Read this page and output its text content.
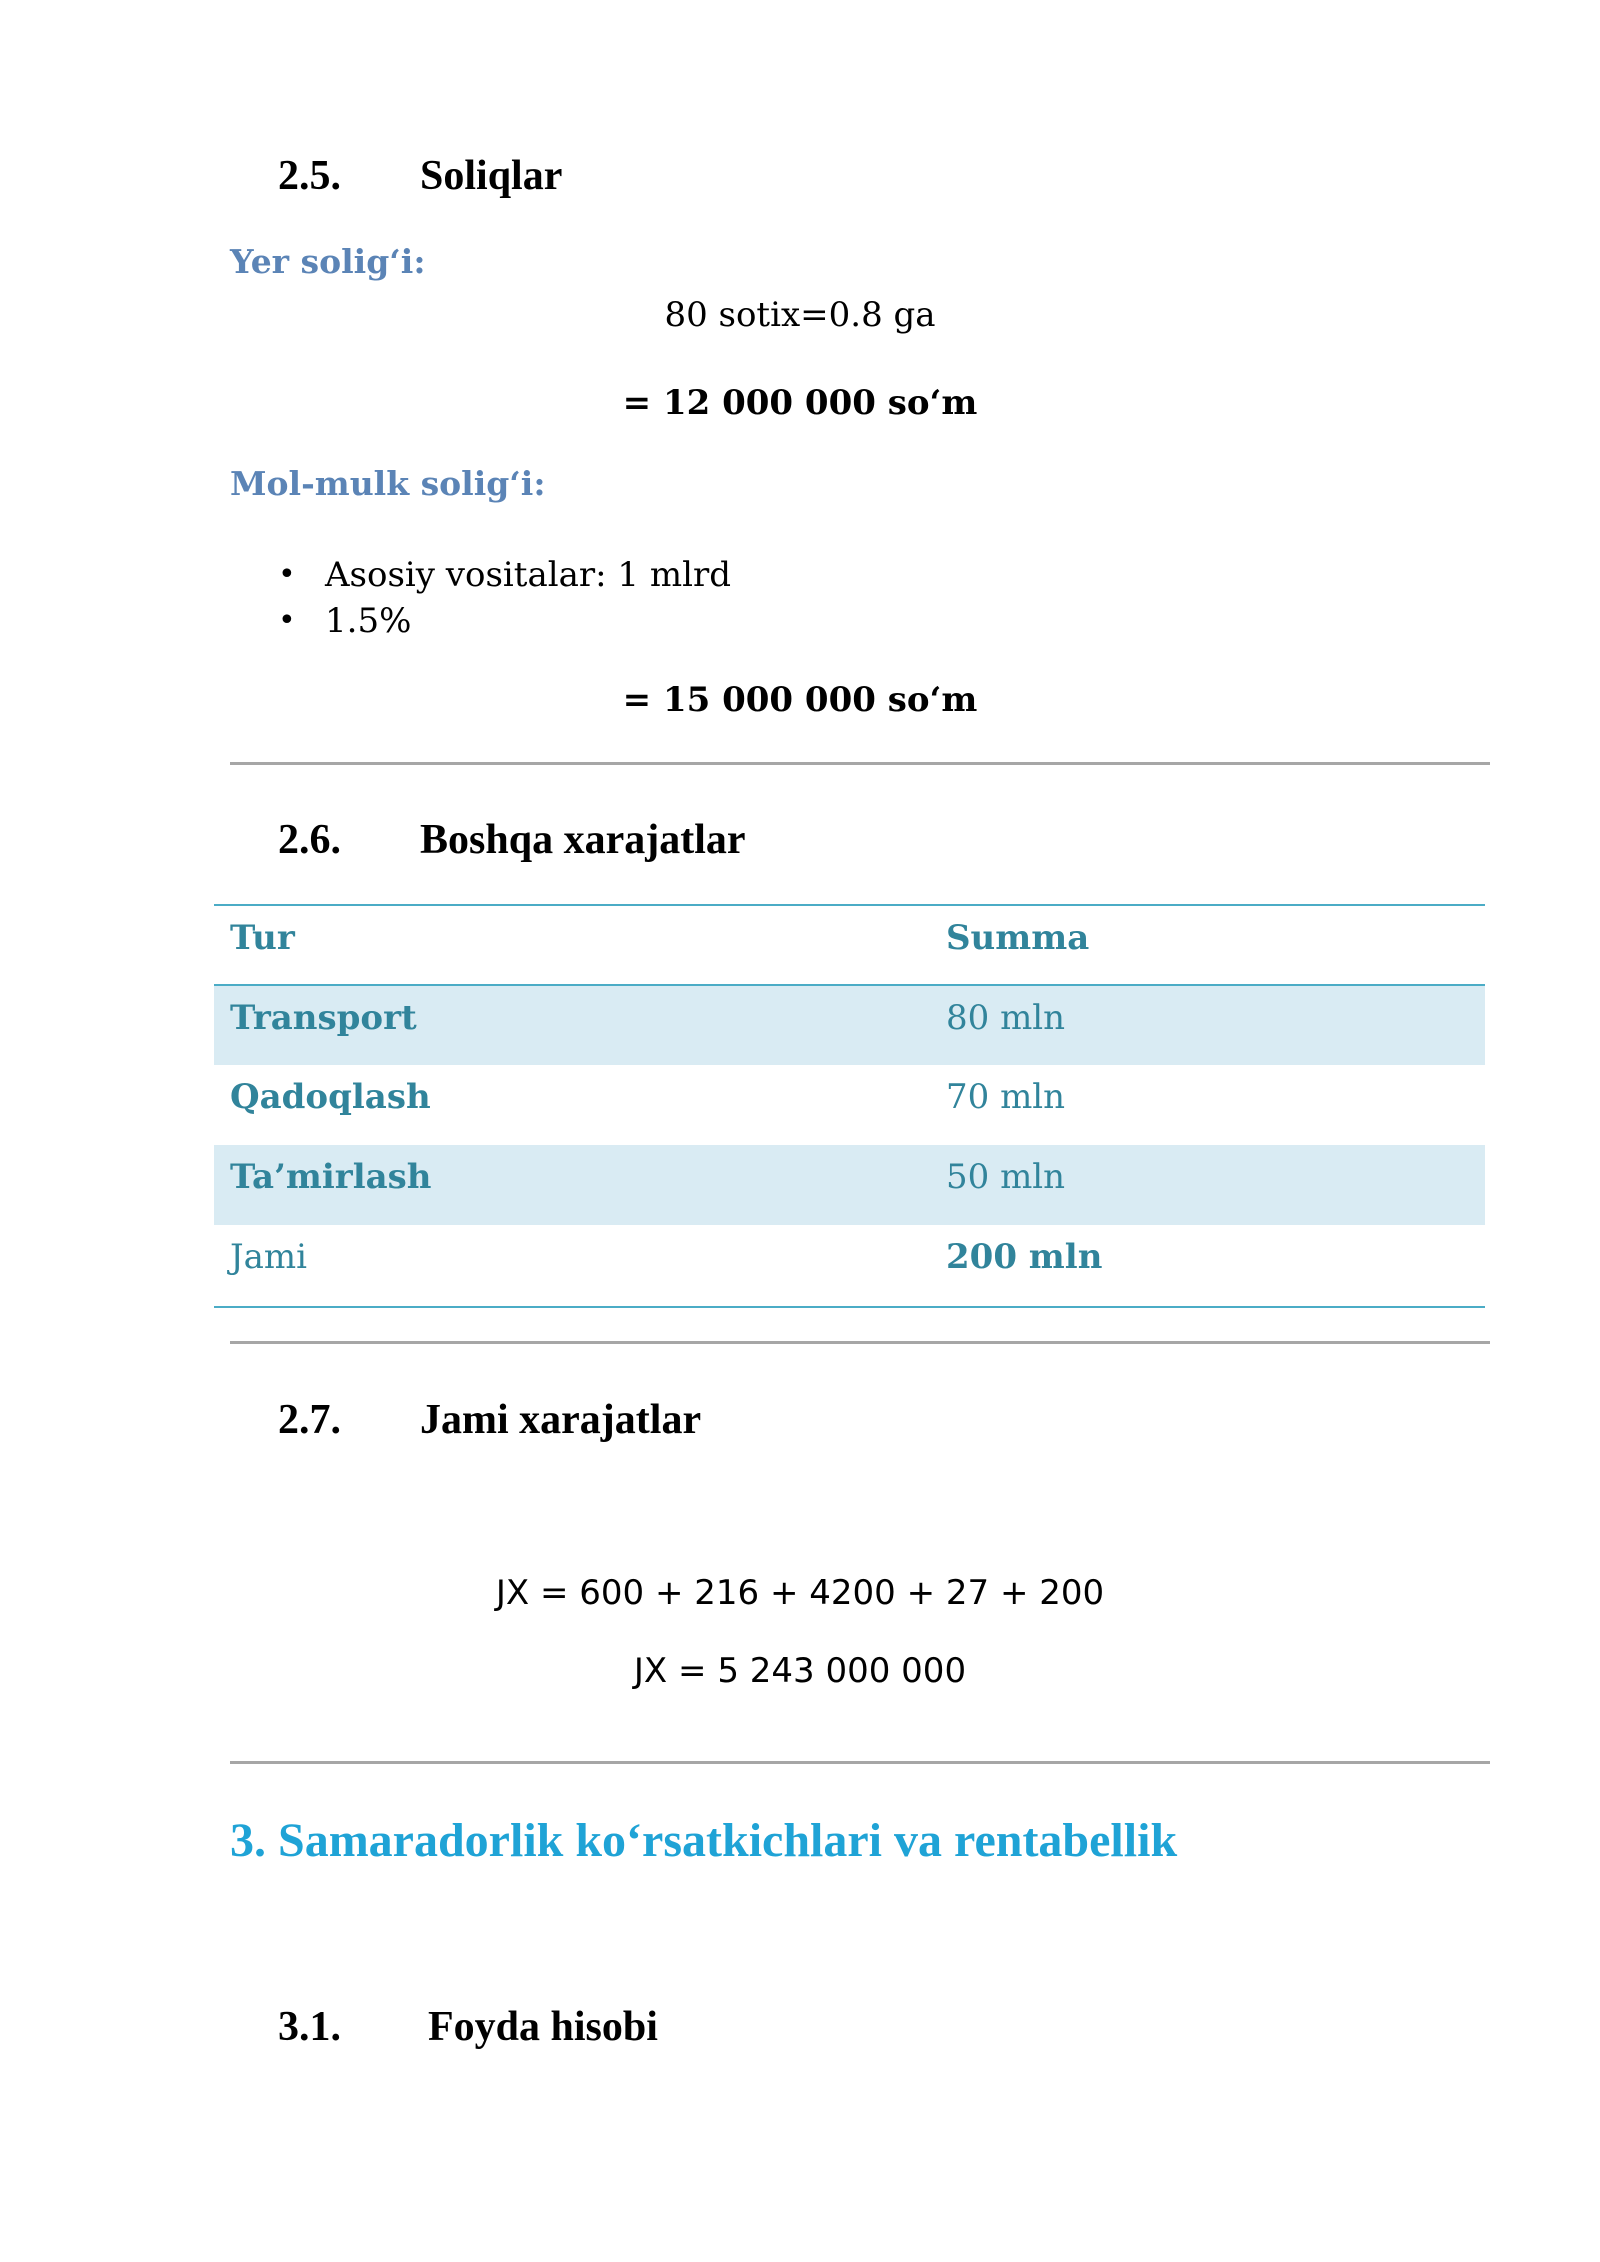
2.5. Soliqlar
Yer solig‘i:
80 sotix=0.8 ga
= 12 000 000 so‘m
Mol-mulk solig‘i:
• Asosiy vositalar: 1 mlrd
• 1.5%
= 15 000 000 so‘m
2.6. Boshqa xarajatlar
Tur	Summa
Transport	80 mln
Qadoqlash	70 mln
Ta’mirlash	50 mln
Jami	200 mln
2.7. Jami xarajatlar
JX = 600 + 216 + 4200 + 27 + 200
JX = 5 243 000 000
3. Samaradorlik ko‘rsatkichlari va rentabellik
3.1. Foyda hisobi
